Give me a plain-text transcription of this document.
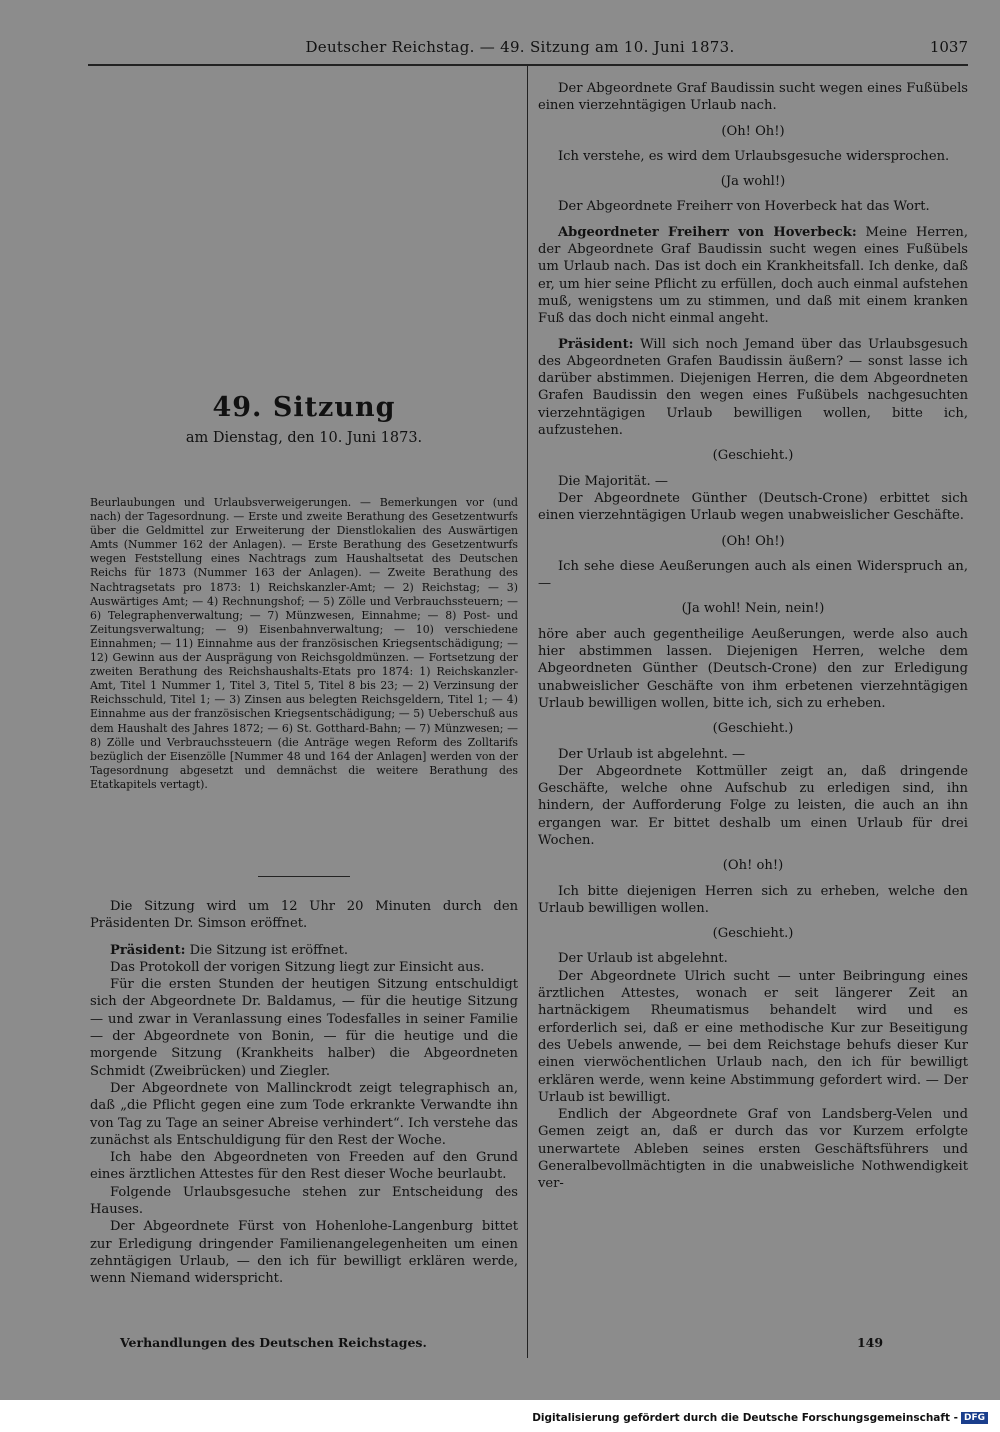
Deutscher Reichstag. — 49. Sitzung am 10. Juni 1873.	1037
49. Sitzung
am Dienstag, den 10. Juni 1873.
Beurlaubungen und Urlaubsverweigerungen. — Bemerkungen vor (und nach) der Tagesordnung. — Erste und zweite Berathung des Gesetzentwurfs über die Geldmittel zur Erweiterung der Dienstlokalien des Auswärtigen Amts (Nummer 162 der Anlagen). — Erste Berathung des Gesetzentwurfs wegen Feststellung eines Nachtrags zum Haushaltsetat des Deutschen Reichs für 1873 (Nummer 163 der Anlagen). — Zweite Berathung des Nachtragsetats pro 1873: 1) Reichskanzler-Amt; — 2) Reichstag; — 3) Auswärtiges Amt; — 4) Rechnungshof; — 5) Zölle und Verbrauchssteuern; — 6) Telegraphenverwaltung; — 7) Münzwesen, Einnahme; — 8) Post- und Zeitungsverwaltung; — 9) Eisenbahnverwaltung; — 10) verschiedene Einnahmen; — 11) Einnahme aus der französischen Kriegsentschädigung; — 12) Gewinn aus der Ausprägung von Reichsgoldmünzen. — Fortsetzung der zweiten Berathung des Reichshaushalts-Etats pro 1874: 1) Reichskanzler-Amt, Titel 1 Nummer 1, Titel 3, Titel 5, Titel 8 bis 23; — 2) Verzinsung der Reichsschuld, Titel 1; — 3) Zinsen aus belegten Reichsgeldern, Titel 1; — 4) Einnahme aus der französischen Kriegsentschädigung; — 5) Ueberschuß aus dem Haushalt des Jahres 1872; — 6) St. Gotthard-Bahn; — 7) Münzwesen; — 8) Zölle und Verbrauchssteuern (die Anträge wegen Reform des Zolltarifs bezüglich der Eisenzölle [Nummer 48 und 164 der Anlagen] werden von der Tagesordnung abgesetzt und demnächst die weitere Berathung des Etatkapitels vertagt).

Die Sitzung wird um 12 Uhr 20 Minuten durch den Präsidenten Dr. Simson eröffnet.

Präsident: Die Sitzung ist eröffnet.

Das Protokoll der vorigen Sitzung liegt zur Einsicht aus.

Für die ersten Stunden der heutigen Sitzung entschuldigt sich der Abgeordnete Dr. Baldamus, — für die heutige Sitzung — und zwar in Veranlassung eines Todesfalles in seiner Familie — der Abgeordnete von Bonin, — für die heutige und die morgende Sitzung (Krankheits halber) die Abgeordneten Schmidt (Zweibrücken) und Ziegler.

Der Abgeordnete von Mallinckrodt zeigt telegraphisch an, daß „die Pflicht gegen eine zum Tode erkrankte Verwandte ihn von Tag zu Tage an seiner Abreise verhindert“. Ich verstehe das zunächst als Entschuldigung für den Rest der Woche.

Ich habe den Abgeordneten von Freeden auf den Grund eines ärztlichen Attestes für den Rest dieser Woche beurlaubt.

Folgende Urlaubsgesuche stehen zur Entscheidung des Hauses.

Der Abgeordnete Fürst von Hohenlohe-Langenburg bittet zur Erledigung dringender Familienangelegenheiten um einen zehntägigen Urlaub, — den ich für bewilligt erklären werde, wenn Niemand widerspricht.

Der Abgeordnete Graf Baudissin sucht wegen eines Fußübels einen vierzehntägigen Urlaub nach.

(Oh! Oh!)

Ich verstehe, es wird dem Urlaubsgesuche widersprochen.

(Ja wohl!)

Der Abgeordnete Freiherr von Hoverbeck hat das Wort.

Abgeordneter Freiherr von Hoverbeck: Meine Herren, der Abgeordnete Graf Baudissin sucht wegen eines Fußübels um Urlaub nach. Das ist doch ein Krankheitsfall. Ich denke, daß er, um hier seine Pflicht zu erfüllen, doch auch einmal aufstehen muß, wenigstens um zu stimmen, und daß mit einem kranken Fuß das doch nicht einmal angeht.

Präsident: Will sich noch Jemand über das Urlaubsgesuch des Abgeordneten Grafen Baudissin äußern? — sonst lasse ich darüber abstimmen. Diejenigen Herren, die dem Abgeordneten Grafen Baudissin den wegen eines Fußübels nachgesuchten vierzehntägigen Urlaub bewilligen wollen, bitte ich, aufzustehen.

(Geschieht.)

Die Majorität. —

Der Abgeordnete Günther (Deutsch-Crone) erbittet sich einen vierzehntägigen Urlaub wegen unabweislicher Geschäfte.

(Oh! Oh!)

Ich sehe diese Aeußerungen auch als einen Widerspruch an, —

(Ja wohl! Nein, nein!)

höre aber auch gegentheilige Aeußerungen, werde also auch hier abstimmen lassen. Diejenigen Herren, welche dem Abgeordneten Günther (Deutsch-Crone) den zur Erledigung unabweislicher Geschäfte von ihm erbetenen vierzehntägigen Urlaub bewilligen wollen, bitte ich, sich zu erheben.

(Geschieht.)

Der Urlaub ist abgelehnt. —

Der Abgeordnete Kottmüller zeigt an, daß dringende Geschäfte, welche ohne Aufschub zu erledigen sind, ihn hindern, der Aufforderung Folge zu leisten, die auch an ihn ergangen war. Er bittet deshalb um einen Urlaub für drei Wochen.

(Oh! oh!)

Ich bitte diejenigen Herren sich zu erheben, welche den Urlaub bewilligen wollen.

(Geschieht.)

Der Urlaub ist abgelehnt.

Der Abgeordnete Ulrich sucht — unter Beibringung eines ärztlichen Attestes, wonach er seit längerer Zeit an hartnäckigem Rheumatismus behandelt wird und es erforderlich sei, daß er eine methodische Kur zur Beseitigung des Uebels anwende, — bei dem Reichstage behufs dieser Kur einen vierwöchentlichen Urlaub nach, den ich für bewilligt erklären werde, wenn keine Abstimmung gefordert wird. — Der Urlaub ist bewilligt.

Endlich der Abgeordnete Graf von Landsberg-Velen und Gemen zeigt an, daß er durch das vor Kurzem erfolgte unerwartete Ableben seines ersten Geschäftsführers und Generalbevollmächtigten in die unabweisliche Nothwendigkeit ver-

Verhandlungen des Deutschen Reichstages.	149
Digitalisierung gefördert durch die Deutsche Forschungsgemeinschaft - DFG
